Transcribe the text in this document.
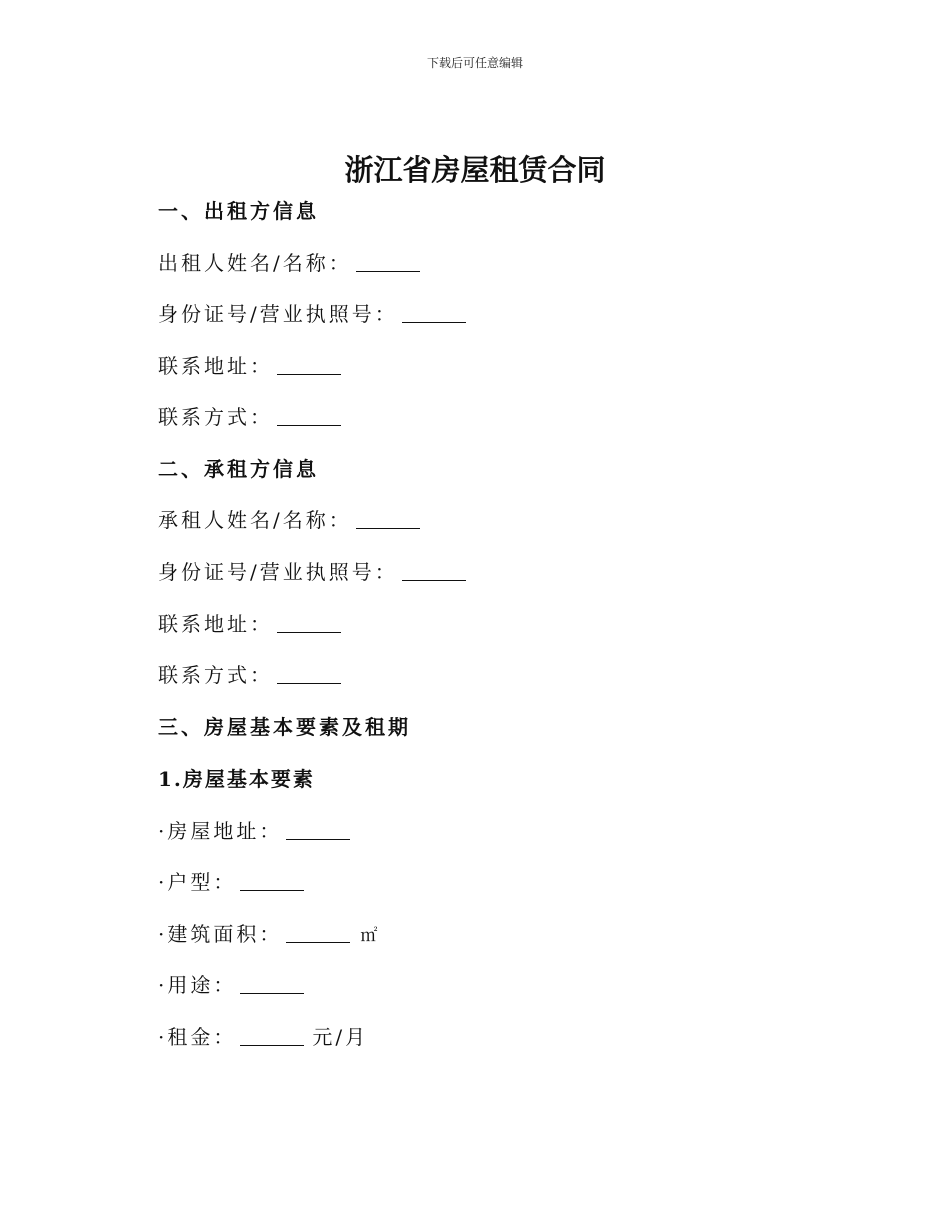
下载后可任意编辑
浙江省房屋租赁合同
一、出租方信息
出租人姓名/名称：
身份证号/营业执照号：
联系地址：
联系方式：
二、承租方信息
承租人姓名/名称：
身份证号/营业执照号：
联系地址：
联系方式：
三、房屋基本要素及租期
1.房屋基本要素
·房屋地址：
·户型：
·建筑面积：	㎡
·用途：
·租金：	元/月
